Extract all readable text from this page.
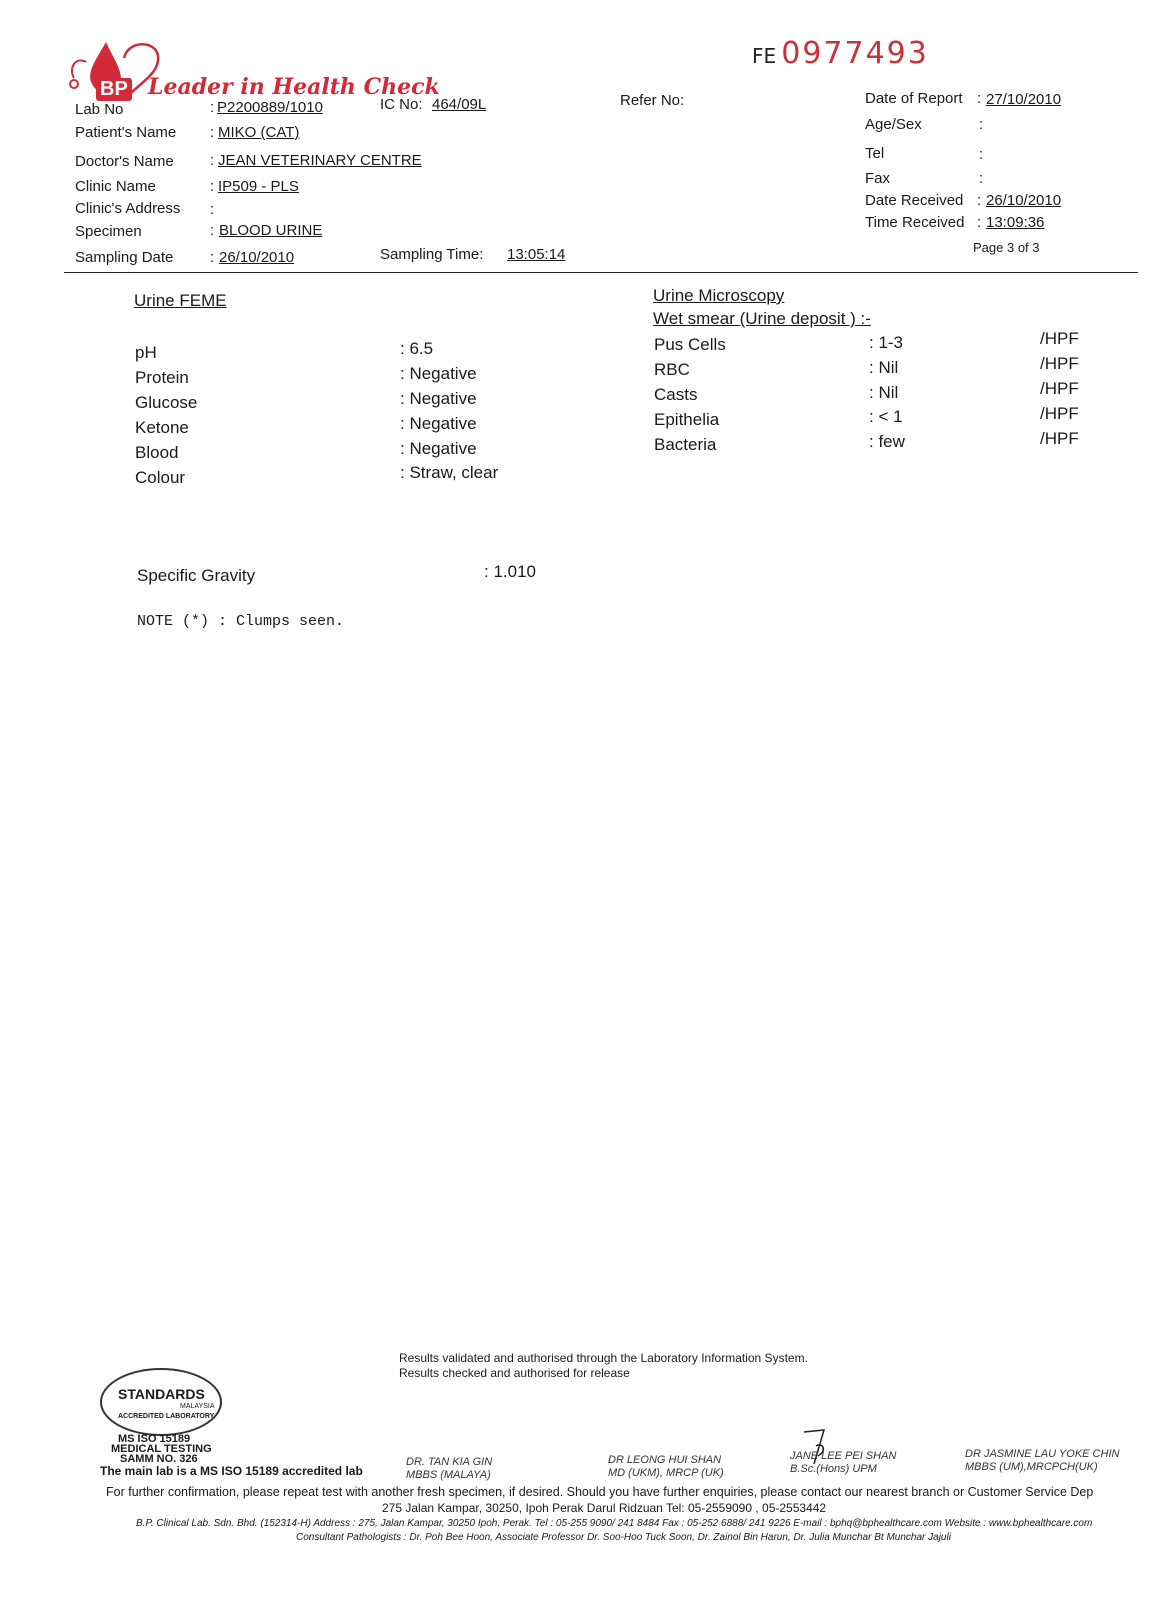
FE 0977493
BP Leader in Health Check
Lab No	: P2200889/1010
Patient's Name : MIKO (CAT)
Doctor's Name : JEAN VETERINARY CENTRE
Clinic Name	: IP509 - PLS
Clinic's Address :
Specimen	: BLOOD URINE
Sampling Date : 26/10/2010
IC No: 464/09L
Sampling Time: 13:05:14
Refer No:	Date of Report : 27/10/2010
Age/Sex	:
Tel	:
Fax	:
Date Received : 26/10/2010
Time Received : 13:09:36
Page 3 of 3
Urine FEME
pH	: 6.5
Protein	: Negative
Glucose	: Negative
Ketone	: Negative
Blood	: Negative
Colour	: Straw, clear
Urine Microscopy
Wet smear (Urine deposit ) :-
Pus Cells	: 1-3	/HPF
RBC	: Nil	/HPF
Casts	: Nil	/HPF
Epithelia	: < 1	/HPF
Bacteria	: few	/HPF
Specific Gravity	: 1.010
NOTE (*) : Clumps seen.
Results validated and authorised through the Laboratory Information System.
Results checked and authorised for release
STANDARDS
MALAYSIA
ACCREDITED LABORATORY
MS ISO 15189
MEDICAL TESTING
SAMM NO. 326
The main lab is a MS ISO 15189 accredited lab
DR. TAN KIA GIN
MBBS (MALAYA)
DR LEONG HUI SHAN
MD (UKM), MRCP (UK)
JANE LEE PEI SHAN
B.Sc.(Hons) UPM
DR JASMINE LAU YOKE CHIN
MBBS (UM),MRCPCH(UK)
For further confirmation, please repeat test with another fresh specimen, if desired. Should you have further enquiries, please contact our nearest branch or Customer Service Dep
275 Jalan Kampar, 30250, Ipoh Perak Darul Ridzuan Tel: 05-2559090 , 05-2553442
B.P. Clinical Lab. Sdn. Bhd. (152314-H) Address : 275, Jalan Kampar, 30250 Ipoh, Perak. Tel : 05-255 9090/ 241 8484 Fax : 05-252 6888/ 241 9226 E-mail : bphq@bphealthcare.com Website : www.bphealthcare.com
Consultant Pathologists : Dr. Poh Bee Hoon, Associate Professor Dr. Soo-Hoo Tuck Soon, Dr. Zainol Bin Harun, Dr. Julia Munchar Bt Munchar Jajuli
